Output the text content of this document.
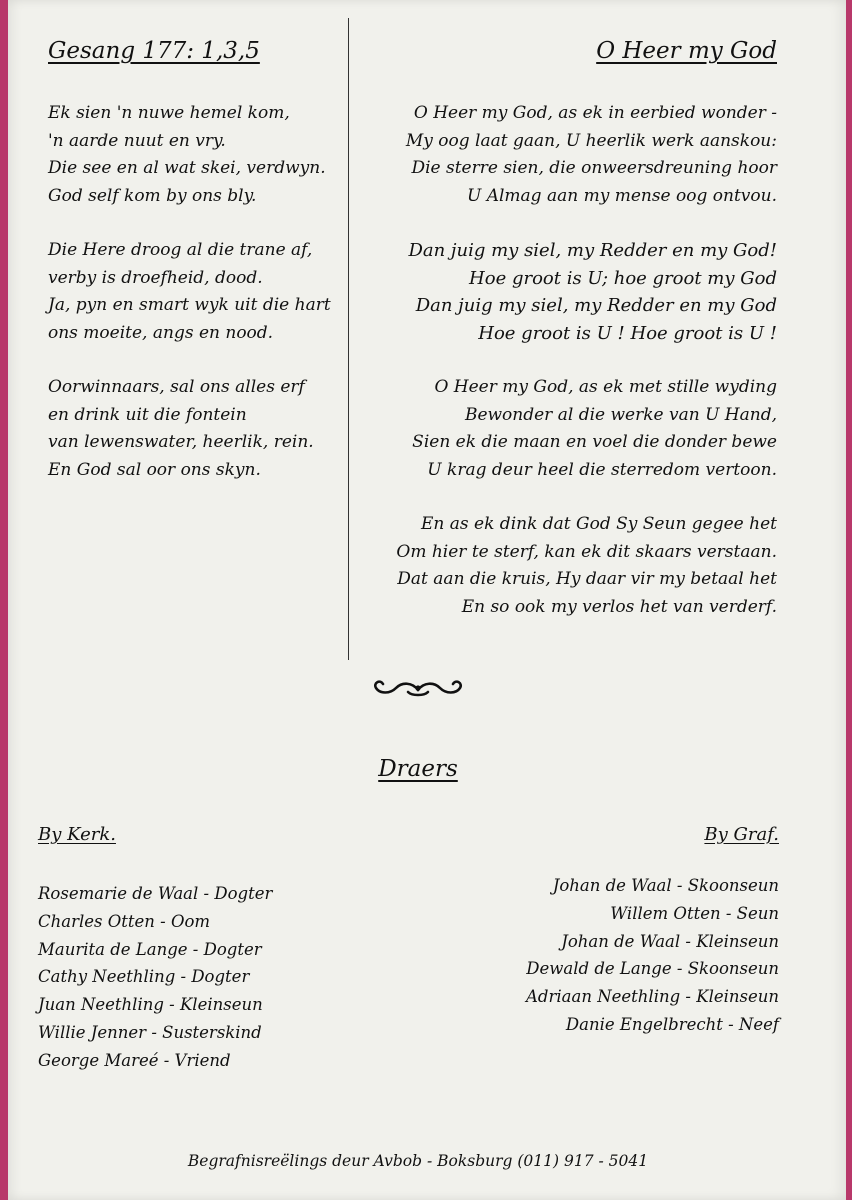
Gesang 177: 1,3,5	O Heer my God
Ek sien 'n nuwe hemel kom,
'n aarde nuut en vry.
Die see en al wat skei, verdwyn.
God self kom by ons bly.
Die Here droog al die trane af,
verby is droefheid, dood.
Ja, pyn en smart wyk uit die hart
ons moeite, angs en nood.
Oorwinnaars, sal ons alles erf
en drink uit die fontein
van lewenswater, heerlik, rein.
En God sal oor ons skyn.
O Heer my God, as ek in eerbied wonder -
My oog laat gaan, U heerlik werk aanskou:
Die sterre sien, die onweersdreuning hoor
U Almag aan my mense oog ontvou.
Dan juig my siel, my Redder en my God!
Hoe groot is U; hoe groot my God
Dan juig my siel, my Redder en my God
Hoe groot is U ! Hoe groot is U !
O Heer my God, as ek met stille wyding
Bewonder al die werke van U Hand,
Sien ek die maan en voel die donder bewe
U krag deur heel die sterredom vertoon.
En as ek dink dat God Sy Seun gegee het
Om hier te sterf, kan ek dit skaars verstaan.
Dat aan die kruis, Hy daar vir my betaal het
En so ook my verlos het van verderf.
Draers
By Kerk.	By Graf.
Rosemarie de Waal - Dogter
Charles Otten - Oom
Maurita de Lange - Dogter
Cathy Neethling - Dogter
Juan Neethling - Kleinseun
Willie Jenner - Susterskind
George Mareé - Vriend
Johan de Waal - Skoonseun
Willem Otten - Seun
Johan de Waal - Kleinseun
Dewald de Lange - Skoonseun
Adriaan Neethling - Kleinseun
Danie Engelbrecht - Neef
Begrafnisreëlings deur Avbob - Boksburg (011) 917 - 5041
